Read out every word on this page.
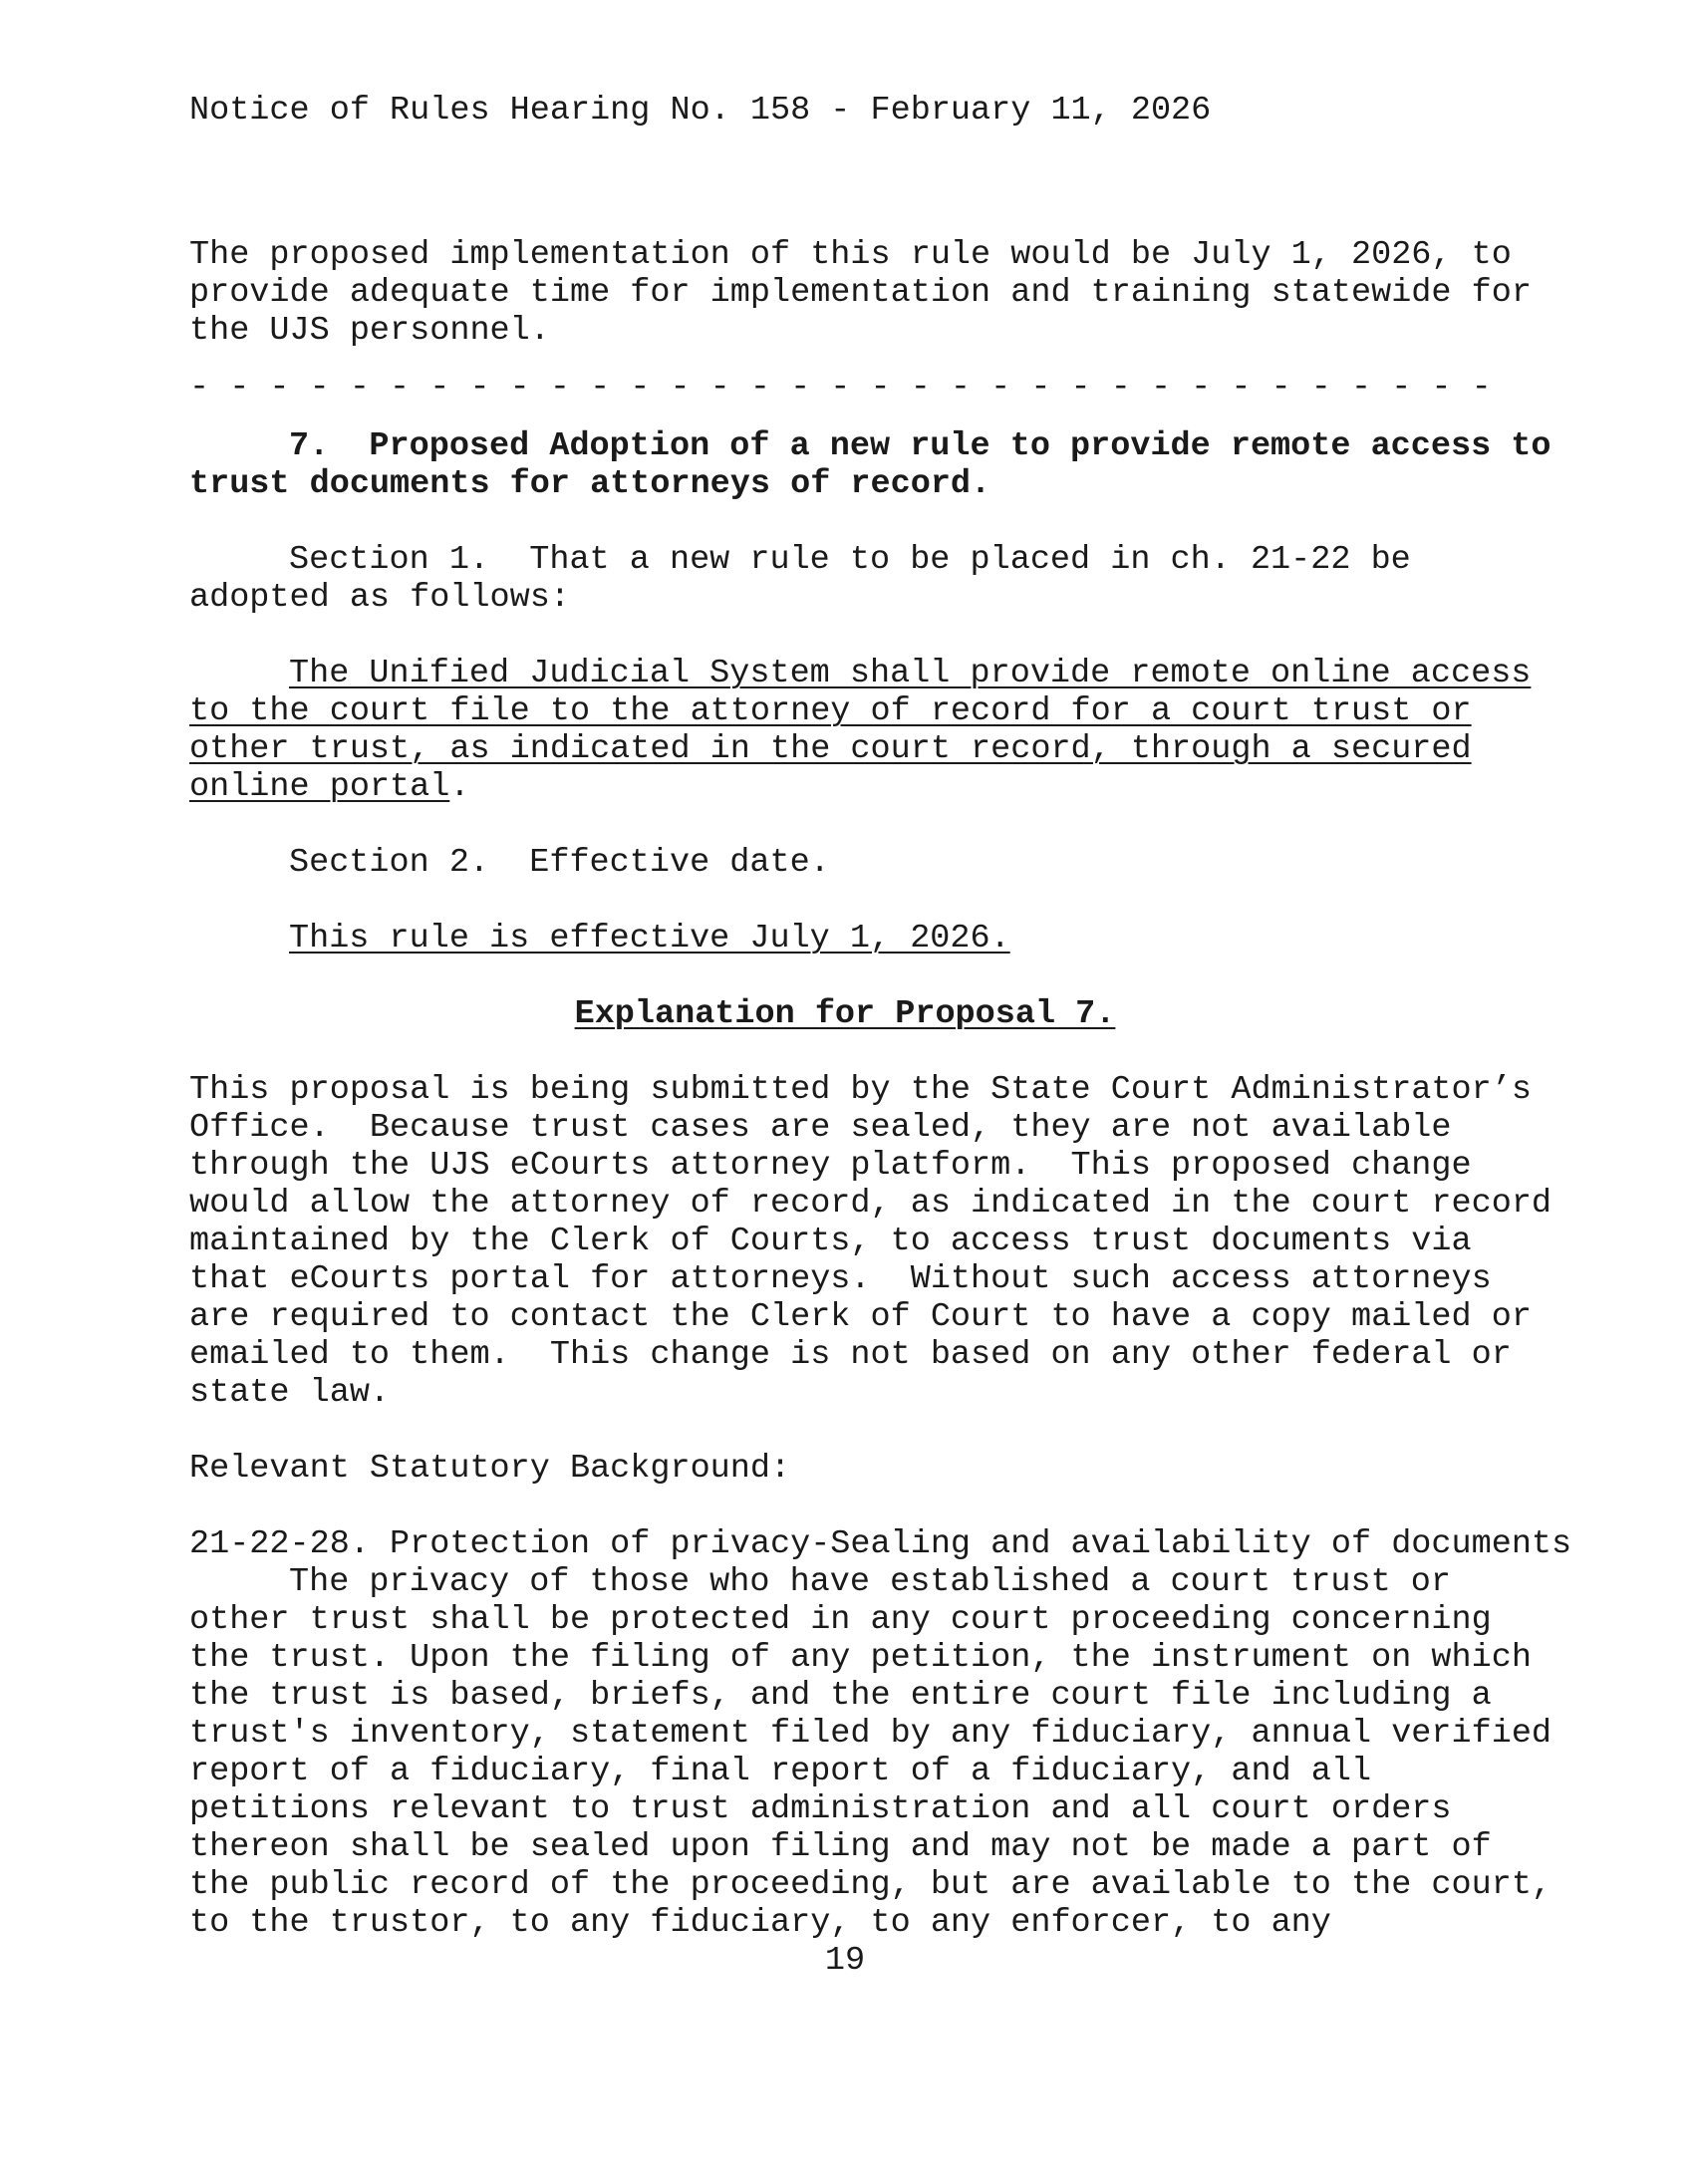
Notice of Rules Hearing No. 158 - February 11, 2026
The proposed implementation of this rule would be July 1, 2026, to
provide adequate time for implementation and training statewide for
the UJS personnel.
- - - - - - - - - - - - - - - - - - - - - - - - - - - - - - - - -
7.  Proposed Adoption of a new rule to provide remote access to
trust documents for attorneys of record.
Section 1.  That a new rule to be placed in ch. 21-22 be
adopted as follows:
The Unified Judicial System shall provide remote online access
to the court file to the attorney of record for a court trust or
other trust, as indicated in the court record, through a secured
online portal.
Section 2.  Effective date.
This rule is effective July 1, 2026.
Explanation for Proposal 7.
This proposal is being submitted by the State Court Administrator’s
Office.  Because trust cases are sealed, they are not available
through the UJS eCourts attorney platform.  This proposed change
would allow the attorney of record, as indicated in the court record
maintained by the Clerk of Courts, to access trust documents via
that eCourts portal for attorneys.  Without such access attorneys
are required to contact the Clerk of Court to have a copy mailed or
emailed to them.  This change is not based on any other federal or
state law.
Relevant Statutory Background:
21-22-28. Protection of privacy-Sealing and availability of documents
The privacy of those who have established a court trust or
other trust shall be protected in any court proceeding concerning
the trust. Upon the filing of any petition, the instrument on which
the trust is based, briefs, and the entire court file including a
trust's inventory, statement filed by any fiduciary, annual verified
report of a fiduciary, final report of a fiduciary, and all
petitions relevant to trust administration and all court orders
thereon shall be sealed upon filing and may not be made a part of
the public record of the proceeding, but are available to the court,
to the trustor, to any fiduciary, to any enforcer, to any
19
